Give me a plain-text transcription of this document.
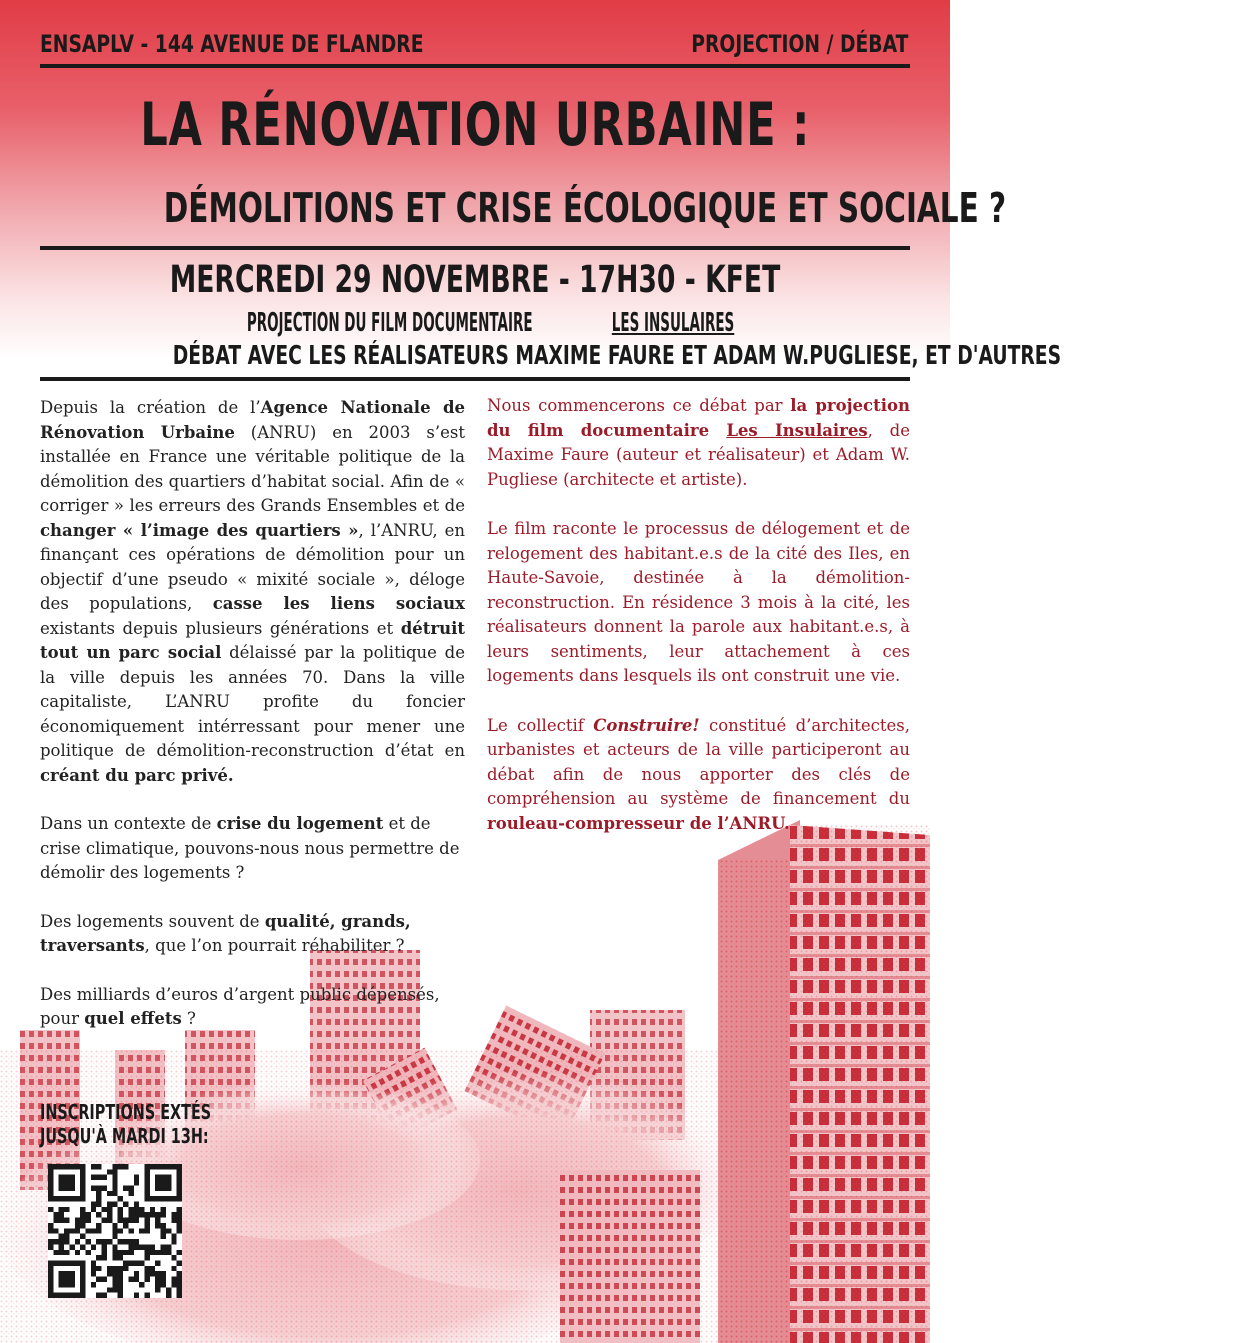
ENSAPLV - 144 AVENUE DE FLANDRE	PROJECTION / DÉBAT
LA RÉNOVATION URBAINE :
DÉMOLITIONS ET CRISE ÉCOLOGIQUE ET SOCIALE ?
MERCREDI 29 NOVEMBRE - 17H30 - KFET
PROJECTION DU FILM DOCUMENTAIRE	LES INSULAIRES
DÉBAT AVEC LES RÉALISATEURS MAXIME FAURE ET ADAM W.PUGLIESE, ET D'AUTRES

Depuis la création de l’Agence Nationale de Rénovation Urbaine (ANRU) en 2003 s’est installée en France une véritable politique de la démolition des quartiers d’habitat social. Afin de « corriger » les erreurs des Grands Ensembles et de changer « l’image des quartiers », l’ANRU, en finançant ces opérations de démolition pour un objectif d’une pseudo « mixité sociale », déloge des populations, casse les liens sociaux existants depuis plusieurs générations et détruit tout un parc social délaissé par la politique de la ville depuis les années 70. Dans la ville capitaliste, L’ANRU profite du foncier économiquement intérressant pour mener une politique de démolition-reconstruction d’état en créant du parc privé.

Dans un contexte de crise du logement et de crise climatique, pouvons-nous nous permettre de démolir des logements ?

Des logements souvent de qualité, grands, traversants, que l’on pourrait réhabiliter ?

Des milliards d’euros d’argent public dépensés, pour quel effets ?

Nous commencerons ce débat par la projection du film documentaire Les Insulaires, de Maxime Faure (auteur et réalisateur) et Adam W. Pugliese (architecte et artiste).

Le film raconte le processus de délogement et de relogement des habitant.e.s de la cité des Iles, en Haute-Savoie, destinée à la démolition-reconstruction. En résidence 3 mois à la cité, les réalisateurs donnent la parole aux habitant.e.s, à leurs sentiments, leur attachement à ces logements dans lesquels ils ont construit une vie.

Le collectif Construire! constitué d’architectes, urbanistes et acteurs de la ville participeront au débat afin de nous apporter des clés de compréhension au système de financement du rouleau-compresseur de l’ANRU.

INSCRIPTIONS EXTÉS
JUSQU'À MARDI 13H:
